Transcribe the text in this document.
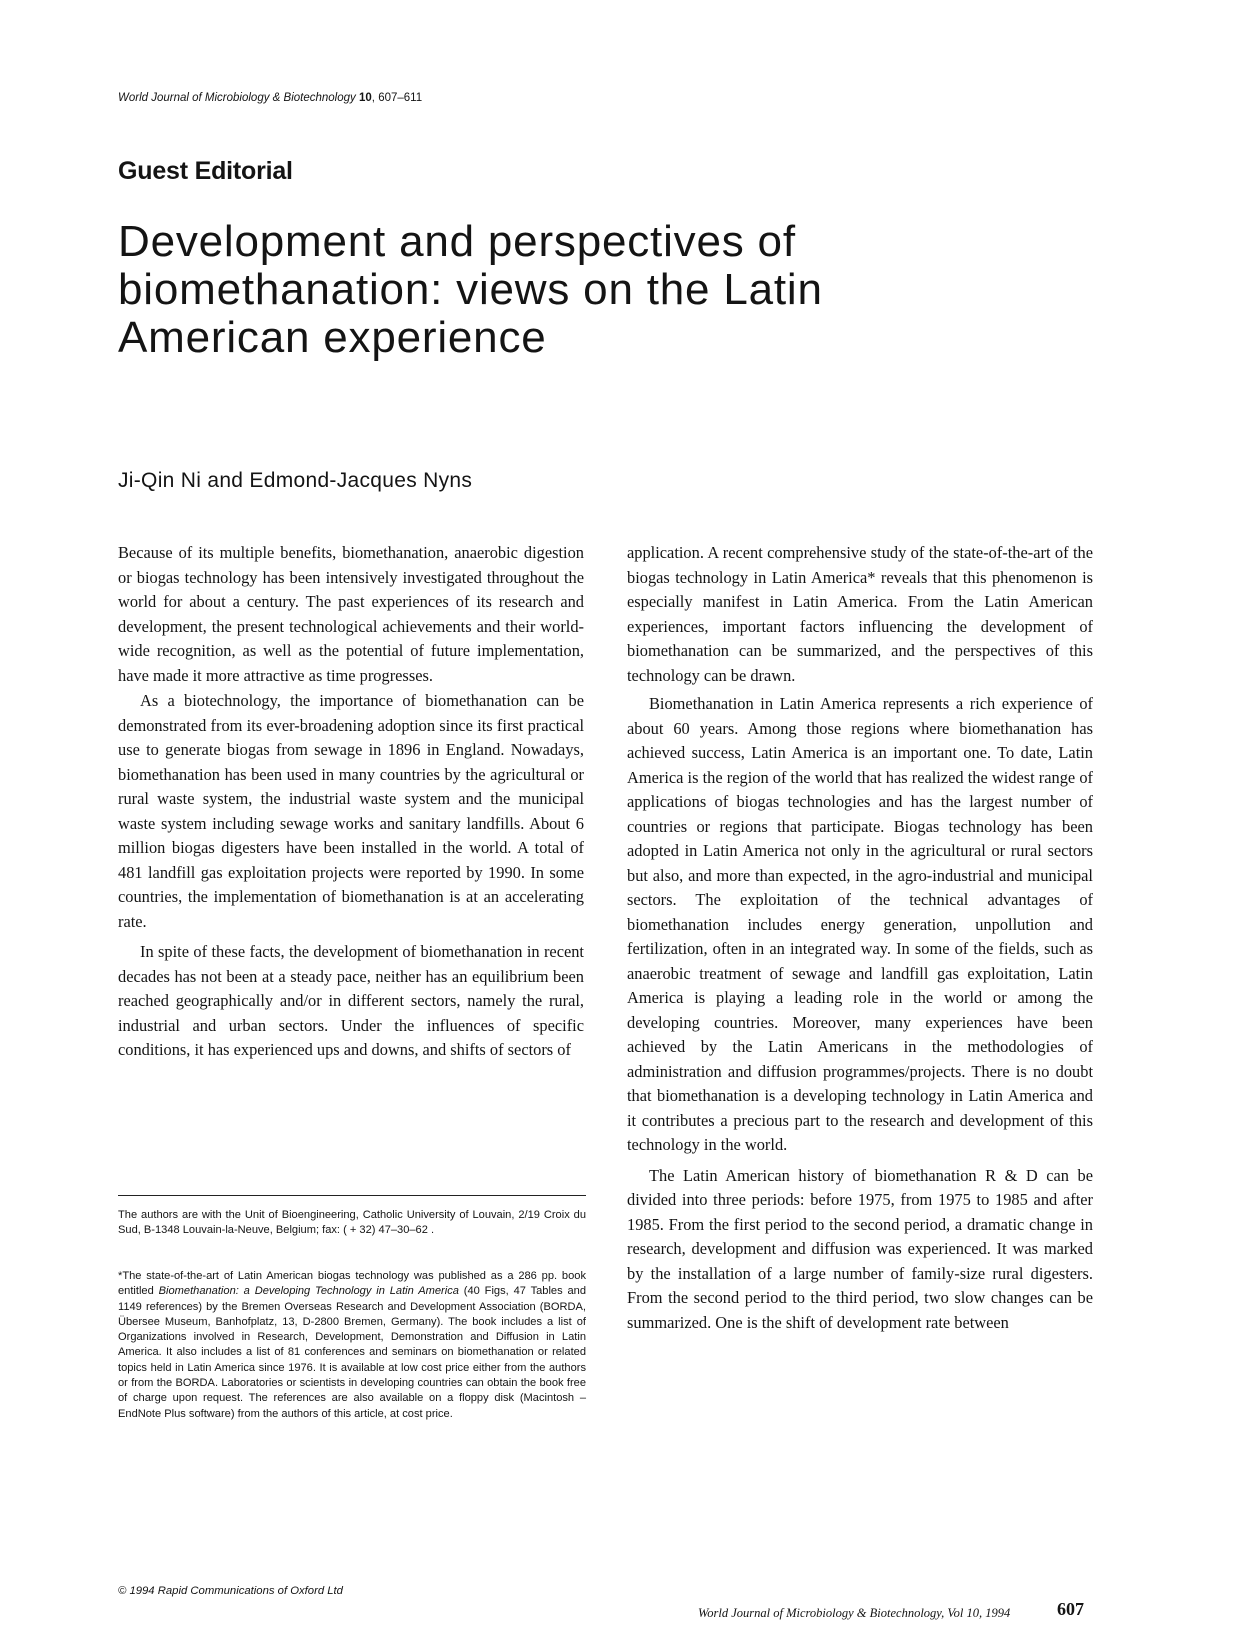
World Journal of Microbiology & Biotechnology 10, 607–611
Guest Editorial
Development and perspectives of
biomethanation: views on the Latin
American experience
Ji-Qin Ni and Edmond-Jacques Nyns

Because of its multiple benefits, biomethanation, anaerobic digestion or biogas technology has been intensively investigated throughout the world for about a century. The past experiences of its research and development, the present technological achievements and their world-wide recognition, as well as the potential of future implementation, have made it more attractive as time progresses.

As a biotechnology, the importance of biomethanation can be demonstrated from its ever-broadening adoption since its first practical use to generate biogas from sewage in 1896 in England. Nowadays, biomethanation has been used in many countries by the agricultural or rural waste system, the industrial waste system and the municipal waste system including sewage works and sanitary landfills. About 6 million biogas digesters have been installed in the world. A total of 481 landfill gas exploitation projects were reported by 1990. In some countries, the implementation of biomethanation is at an accelerating rate.

In spite of these facts, the development of biomethanation in recent decades has not been at a steady pace, neither has an equilibrium been reached geographically and/or in different sectors, namely the rural, industrial and urban sectors. Under the influences of specific conditions, it has experienced ups and downs, and shifts of sectors of

application. A recent comprehensive study of the state-of-the-art of the biogas technology in Latin America* reveals that this phenomenon is especially manifest in Latin America. From the Latin American experiences, important factors influencing the development of biomethanation can be summarized, and the perspectives of this technology can be drawn.

Biomethanation in Latin America represents a rich experience of about 60 years. Among those regions where biomethanation has achieved success, Latin America is an important one. To date, Latin America is the region of the world that has realized the widest range of applications of biogas technologies and has the largest number of countries or regions that participate. Biogas technology has been adopted in Latin America not only in the agricultural or rural sectors but also, and more than expected, in the agro-industrial and municipal sectors. The exploitation of the technical advantages of biomethanation includes energy generation, unpollution and fertilization, often in an integrated way. In some of the fields, such as anaerobic treatment of sewage and landfill gas exploitation, Latin America is playing a leading role in the world or among the developing countries. Moreover, many experiences have been achieved by the Latin Americans in the methodologies of administration and diffusion programmes/projects. There is no doubt that biomethanation is a developing technology in Latin America and it contributes a precious part to the research and development of this technology in the world.

The Latin American history of biomethanation R & D can be divided into three periods: before 1975, from 1975 to 1985 and after 1985. From the first period to the second period, a dramatic change in research, development and diffusion was experienced. It was marked by the installation of a large number of family-size rural digesters. From the second period to the third period, two slow changes can be summarized. One is the shift of development rate between

The authors are with the Unit of Bioengineering, Catholic University of Louvain, 2/19 Croix du Sud, B-1348 Louvain-la-Neuve, Belgium; fax: ( + 32) 47–30–62 .
*The state-of-the-art of Latin American biogas technology was published as a 286 pp. book entitled Biomethanation: a Developing Technology in Latin America (40 Figs, 47 Tables and 1149 references) by the Bremen Overseas Research and Development Association (BORDA, Übersee Museum, Banhofplatz, 13, D-2800 Bremen, Germany). The book includes a list of Organizations involved in Research, Development, Demonstration and Diffusion in Latin America. It also includes a list of 81 conferences and seminars on biomethanation or related topics held in Latin America since 1976. It is available at low cost price either from the authors or from the BORDA. Laboratories or scientists in developing countries can obtain the book free of charge upon request. The references are also available on a floppy disk (Macintosh – EndNote Plus software) from the authors of this article, at cost price.
© 1994 Rapid Communications of Oxford Ltd
World Journal of Microbiology & Biotechnology, Vol 10, 1994	607
